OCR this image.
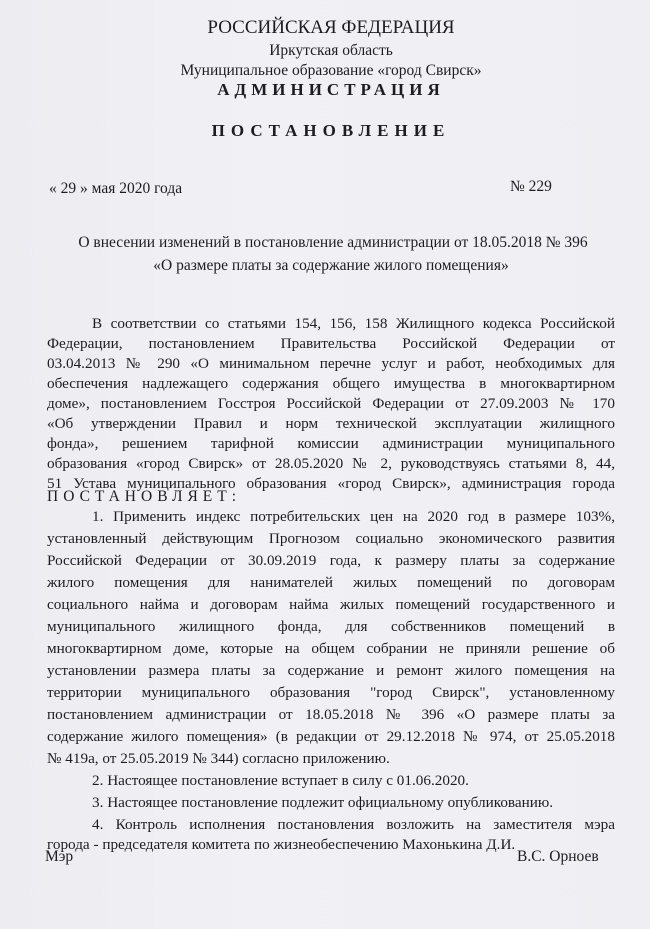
РОССИЙСКАЯ ФЕДЕРАЦИЯ
Иркутская область
Муниципальное образование «город Свирск»
АДМИНИСТРАЦИЯ
ПОСТАНОВЛЕНИЕ
« 29 » мая 2020 года	№ 229
О внесении изменений в постановление администрации от 18.05.2018 № 396
«О размере платы за содержание жилого помещения»
В соответствии со статьями 154, 156, 158 Жилищного кодекса Российской
Федерации, постановлением Правительства Российской Федерации от
03.04.2013 № 290 «О минимальном перечне услуг и работ, необходимых для
обеспечения надлежащего содержания общего имущества в многоквартирном
доме», постановлением Госстроя Российской Федерации от 27.09.2003 № 170
«Об утверждении Правил и норм технической эксплуатации жилищного
фонда», решением тарифной комиссии администрации муниципального
образования «город Свирск» от 28.05.2020 № 2, руководствуясь статьями 8, 44,
51 Устава муниципального образования «город Свирск», администрация города
ПОСТАНОВЛЯЕТ:
1. Применить индекс потребительских цен на 2020 год в размере 103%,
установленный действующим Прогнозом социально экономического развития
Российской Федерации от 30.09.2019 года, к размеру платы за содержание
жилого помещения для нанимателей жилых помещений по договорам
социального найма и договорам найма жилых помещений государственного и
муниципального жилищного фонда, для собственников помещений в
многоквартирном доме, которые на общем собрании не приняли решение об
установлении размера платы за содержание и ремонт жилого помещения на
территории муниципального образования "город Свирск", установленному
постановлением администрации от 18.05.2018 № 396 «О размере платы за
содержание жилого помещения» (в редакции от 29.12.2018 № 974, от 25.05.2018
№ 419а, от 25.05.2019 № 344) согласно приложению.
2. Настоящее постановление вступает в силу с 01.06.2020.
3. Настоящее постановление подлежит официальному опубликованию.
4. Контроль исполнения постановления возложить на заместителя мэра
города - председателя комитета по жизнеобеспечению Махонькина Д.И.
Мэр	В.С. Орноев
